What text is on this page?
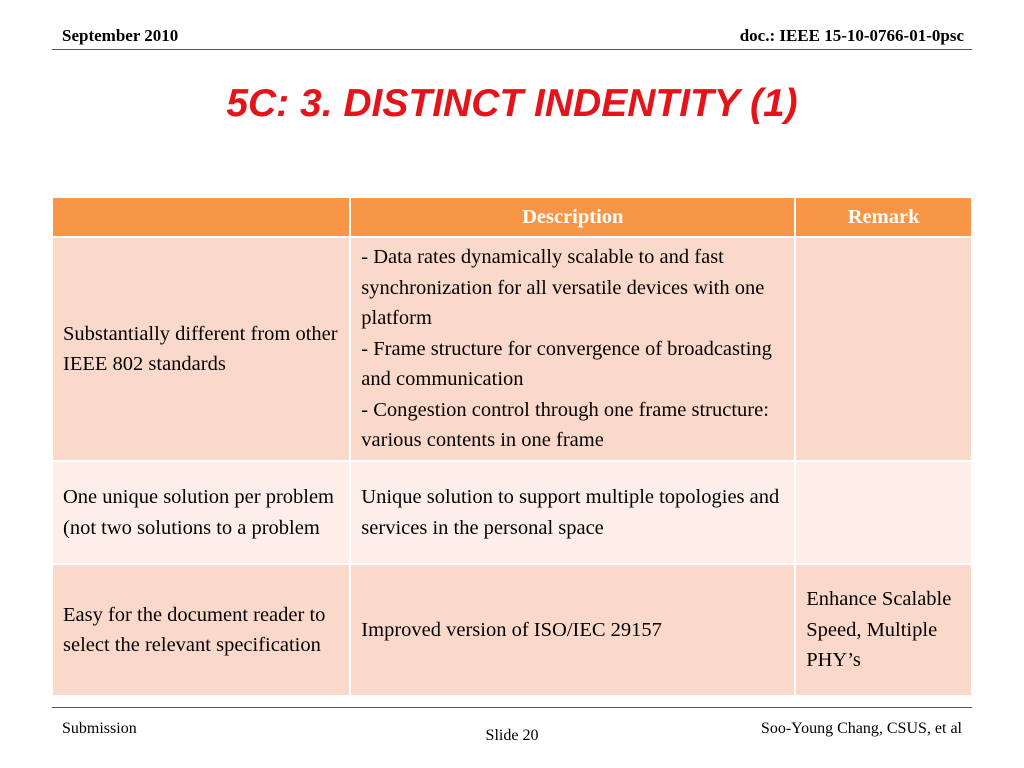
September 2010	doc.: IEEE 15-10-0766-01-0psc
5C: 3. DISTINCT INDENTITY (1)
	Description	Remark
Substantially different from other IEEE 802 standards	- Data rates dynamically scalable to and fast synchronization for all versatile devices with one platform
- Frame structure for convergence of broadcasting and communication
- Congestion control through one frame structure: various contents in one frame	

One unique solution per problem (not two solutions to a problem	Unique solution to support multiple topologies and services in the personal space	

Easy for the document reader to select the relevant specification	Improved version of ISO/IEC 29157	Enhance Scalable Speed, Multiple PHY’s
Submission	Slide 20	Soo-Young Chang, CSUS, et al
